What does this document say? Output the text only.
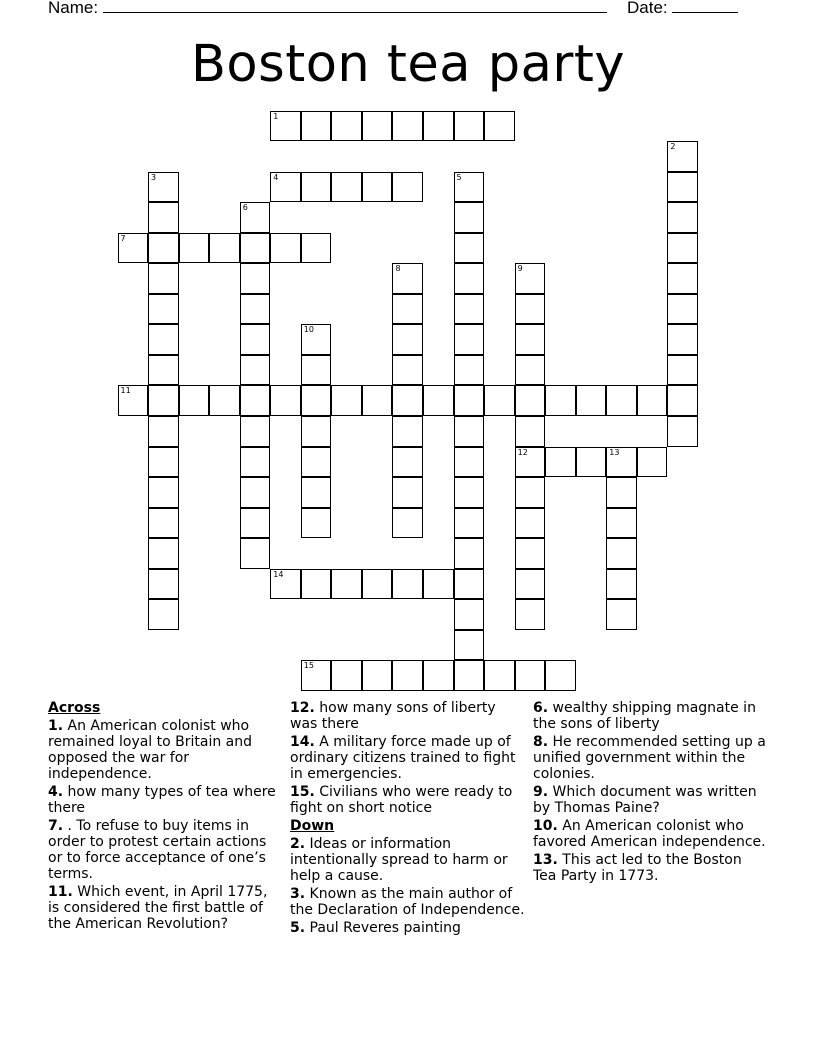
Name:	Date:
Boston tea party
1
2
3	4	5
6
7
8	9
12
10
11
13
14
15
Across
1. An American colonist who remained loyal to Britain and opposed the war for independence.
4. how many types of tea where there
7. . To refuse to buy items in order to protest certain actions or to force acceptance of one’s terms.
11. Which event, in April 1775, is considered the first battle of the American Revolution?
12. how many sons of liberty was there
14. A military force made up of ordinary citizens trained to fight in emergencies.
15. Civilians who were ready to fight on short notice
Down
2. Ideas or information intentionally spread to harm or help a cause.
3. Known as the main author of the Declaration of Independence.
5. Paul Reveres painting
6. wealthy shipping magnate in the sons of liberty
8. He recommended setting up a unified government within the colonies.
9. Which document was written by Thomas Paine?
10. An American colonist who favored American independence.
13. This act led to the Boston Tea Party in 1773.
